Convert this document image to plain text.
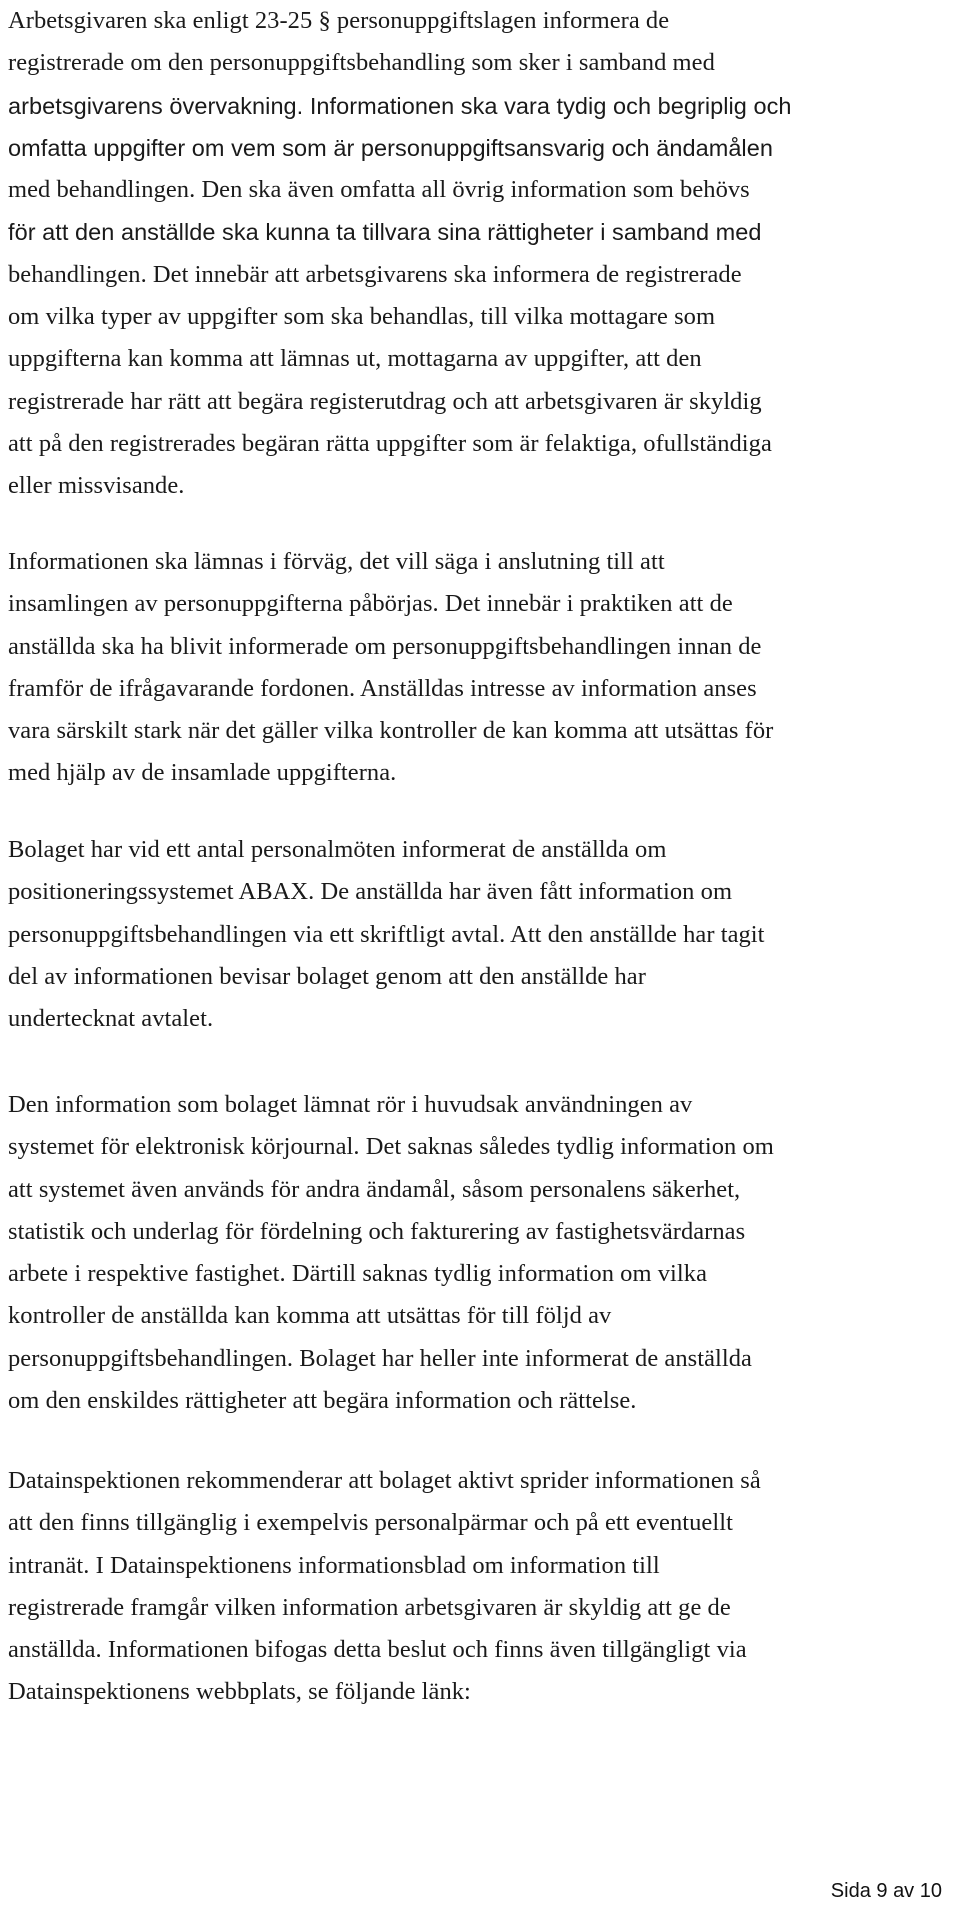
Arbetsgivaren ska enligt 23-25 § personuppgiftslagen informera de
registrerade om den personuppgiftsbehandling som sker i samband med
arbetsgivarens övervakning. Informationen ska vara tydig och begriplig och
omfatta uppgifter om vem som är personuppgiftsansvarig och ändamålen
med behandlingen. Den ska även omfatta all övrig information som behövs
för att den anställde ska kunna ta tillvara sina rättigheter i samband med
behandlingen. Det innebär att arbetsgivarens ska informera de registrerade
om vilka typer av uppgifter som ska behandlas, till vilka mottagare som
uppgifterna kan komma att lämnas ut, mottagarna av uppgifter, att den
registrerade har rätt att begära registerutdrag och att arbetsgivaren är skyldig
att på den registrerades begäran rätta uppgifter som är felaktiga, ofullständiga
eller missvisande.
Informationen ska lämnas i förväg, det vill säga i anslutning till att
insamlingen av personuppgifterna påbörjas. Det innebär i praktiken att de
anställda ska ha blivit informerade om personuppgiftsbehandlingen innan de
framför de ifrågavarande fordonen. Anställdas intresse av information anses
vara särskilt stark när det gäller vilka kontroller de kan komma att utsättas för
med hjälp av de insamlade uppgifterna.
Bolaget har vid ett antal personalmöten informerat de anställda om
positioneringssystemet ABAX. De anställda har även fått information om
personuppgiftsbehandlingen via ett skriftligt avtal. Att den anställde har tagit
del av informationen bevisar bolaget genom att den anställde har
undertecknat avtalet.
Den information som bolaget lämnat rör i huvudsak användningen av
systemet för elektronisk körjournal. Det saknas således tydlig information om
att systemet även används för andra ändamål, såsom personalens säkerhet,
statistik och underlag för fördelning och fakturering av fastighetsvärdarnas
arbete i respektive fastighet. Därtill saknas tydlig information om vilka
kontroller de anställda kan komma att utsättas för till följd av
personuppgiftsbehandlingen. Bolaget har heller inte informerat de anställda
om den enskildes rättigheter att begära information och rättelse.
Datainspektionen rekommenderar att bolaget aktivt sprider informationen så
att den finns tillgänglig i exempelvis personalpärmar och på ett eventuellt
intranät. I Datainspektionens informationsblad om information till
registrerade framgår vilken information arbetsgivaren är skyldig att ge de
anställda. Informationen bifogas detta beslut och finns även tillgängligt via
Datainspektionens webbplats, se följande länk:
Sida 9 av 10
